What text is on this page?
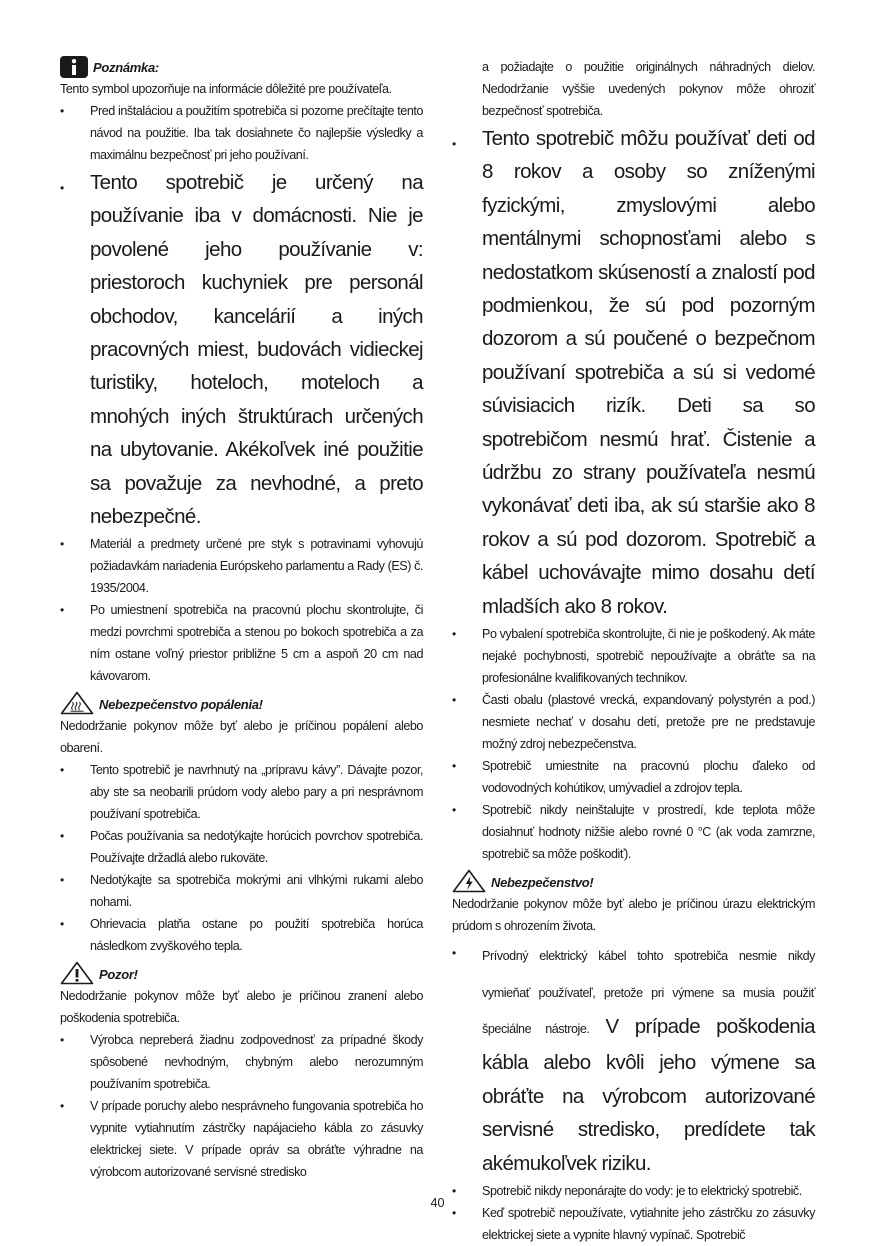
Poznámka:

Tento symbol upozorňuje na informácie dôležité pre používateľa.

• Pred inštaláciou a použitím spotrebiča si pozorne prečítajte tento návod na použitie. Iba tak dosiahnete čo najlepšie výsledky a maximálnu bezpečnosť pri jeho používaní.
• Tento spotrebič je určený na používanie iba v domácnosti. Nie je povolené jeho používanie v: priestoroch kuchyniek pre personál obchodov, kancelárií a iných pracovných miest, budovách vidieckej turistiky, hoteloch, moteloch a mnohých iných štruktúrach určených na ubytovanie. Akékoľvek iné použitie sa považuje za nevhodné, a preto nebezpečné.
• Materiál a predmety určené pre styk s potravinami vyhovujú požiadavkám nariadenia Európskeho parlamentu a Rady (ES) č. 1935/2004.
• Po umiestnení spotrebiča na pracovnú plochu skontrolujte, či medzi povrchmi spotrebiča a stenou po bokoch spotrebiča a za ním ostane voľný priestor približne 5 cm a aspoň 20 cm nad kávovarom.
Nebezpečenstvo popálenia!

Nedodržanie pokynov môže byť alebo je príčinou popálení alebo obarení.

• Tento spotrebič je navrhnutý na „prípravu kávy”. Dávajte pozor, aby ste sa neobarili prúdom vody alebo pary a pri nesprávnom používaní spotrebiča.
• Počas používania sa nedotýkajte horúcich povrchov spotrebiča. Používajte držadlá alebo rukoväte.
• Nedotýkajte sa spotrebiča mokrými ani vlhkými rukami alebo nohami.
• Ohrievacia platňa ostane po použití spotrebiča horúca následkom zvyškového tepla.
Pozor!

Nedodržanie pokynov môže byť alebo je príčinou zranení alebo poškodenia spotrebiča.

• Výrobca nepreberá žiadnu zodpovednosť za prípadné škody spôsobené nevhodným, chybným alebo nerozumným používaním spotrebiča.
• V prípade poruchy alebo nesprávneho fungovania spotrebiča ho vypnite vytiahnutím zástrčky napájacieho kábla zo zásuvky elektrickej siete. V prípade opráv sa obráťte výhradne na výrobcom autorizované servisné stredisko

a požiadajte o použitie originálnych náhradných dielov. Nedodržanie vyššie uvedených pokynov môže ohroziť bezpečnosť spotrebiča.

• Tento spotrebič môžu používať deti od 8 rokov a osoby so zníženými fyzickými, zmyslovými alebo mentálnymi schopnosťami alebo s nedostatkom skúseností a znalostí pod podmienkou, že sú pod pozorným dozorom a sú poučené o bezpečnom používaní spotrebiča a sú si vedomé súvisiacich rizík. Deti sa so spotrebičom nesmú hrať. Čistenie a údržbu zo strany používateľa nesmú vykonávať deti iba, ak sú staršie ako 8 rokov a sú pod dozorom. Spotrebič a kábel uchovávajte mimo dosahu detí mladších ako 8 rokov.
• Po vybalení spotrebiča skontrolujte, či nie je poškodený. Ak máte nejaké pochybnosti, spotrebič nepoužívajte a obráťte sa na profesionálne kvalifikovaných technikov.
• Časti obalu (plastové vrecká, expandovaný polystyrén a pod.) nesmiete nechať v dosahu detí, pretože pre ne predstavuje možný zdroj nebezpečenstva.
• Spotrebič umiestnite na pracovnú plochu ďaleko od vodovodných kohútikov, umývadiel a zdrojov tepla.
• Spotrebič nikdy neinštalujte v prostredí, kde teplota môže dosiahnuť hodnoty nižšie alebo rovné 0 °C (ak voda zamrzne, spotrebič sa môže poškodiť).
Nebezpečenstvo!

Nedodržanie pokynov môže byť alebo je príčinou úrazu elektrickým prúdom s ohrozením života.

• Prívodný elektrický kábel tohto spotrebiča nesmie nikdy vymieňať používateľ, pretože pri výmene sa musia použiť špeciálne nástroje. V prípade poškodenia kábla alebo kvôli jeho výmene sa obráťte na výrobcom autorizované servisné stredisko, predídete tak akémukoľvek riziku.
• Spotrebič nikdy neponárajte do vody: je to elektrický spotrebič.
• Keď spotrebič nepoužívate, vytiahnite jeho zástrčku zo zásuvky elektrickej siete a vypnite hlavný vypínač. Spotrebič
40
